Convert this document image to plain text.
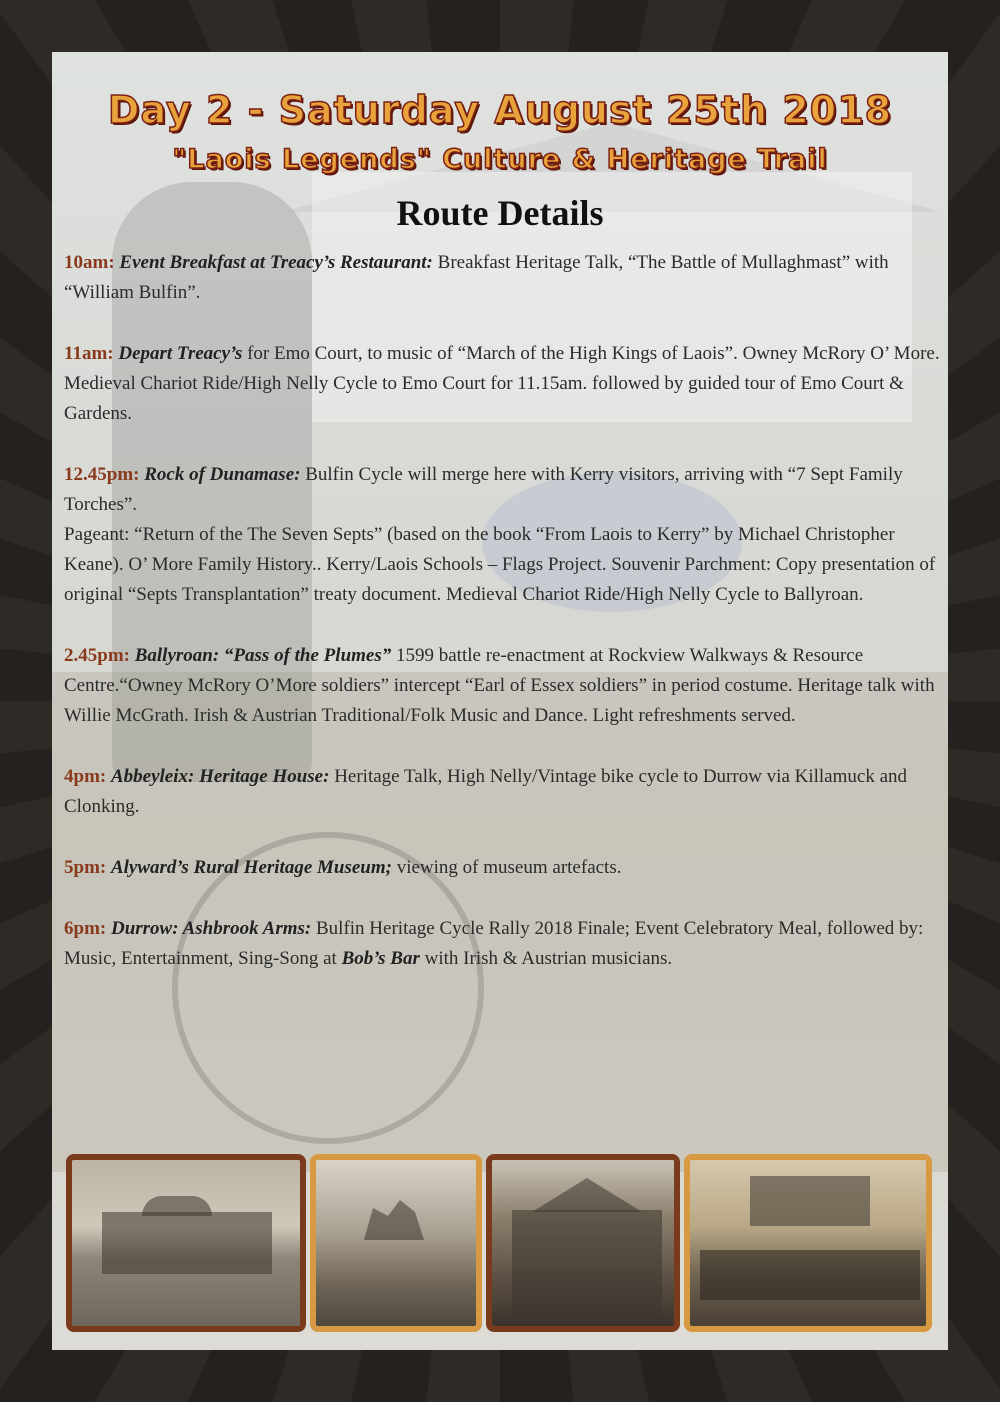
Day 2 - Saturday August 25th 2018
"Laois Legends" Culture & Heritage Trail
Route Details

10am: Event Breakfast at Treacy’s Restaurant: Breakfast Heritage Talk, “The Battle of Mullaghmast” with “William Bulfin”.

11am: Depart Treacy’s for Emo Court, to music of “March of the High Kings of Laois”. Owney McRory O’ More. Medieval Chariot Ride/High Nelly Cycle to Emo Court for 11.15am. followed by guided tour of Emo Court & Gardens.

12.45pm: Rock of Dunamase: Bulfin Cycle will merge here with Kerry visitors, arriving with “7 Sept Family Torches”.
Pageant: “Return of the The Seven Septs” (based on the book “From Laois to Kerry” by Michael Christopher Keane). O’ More Family History.. Kerry/Laois Schools – Flags Project. Souvenir Parchment: Copy presentation of original “Septs Transplantation” treaty document. Medieval Chariot Ride/High Nelly Cycle to Ballyroan.

2.45pm: Ballyroan: “Pass of the Plumes” 1599 battle re-enactment at Rockview Walkways & Resource Centre.“Owney McRory O’More soldiers” intercept “Earl of Essex soldiers” in period costume. Heritage talk with Willie McGrath. Irish & Austrian Traditional/Folk Music and Dance. Light refreshments served.

4pm: Abbeyleix: Heritage House: Heritage Talk, High Nelly/Vintage bike cycle to Durrow via Killamuck and Clonking.

5pm: Alyward’s Rural Heritage Museum; viewing of museum artefacts.

6pm: Durrow: Ashbrook Arms: Bulfin Heritage Cycle Rally 2018 Finale; Event Celebratory Meal, followed by: Music, Entertainment, Sing-Song at Bob’s Bar with Irish & Austrian musicians.
